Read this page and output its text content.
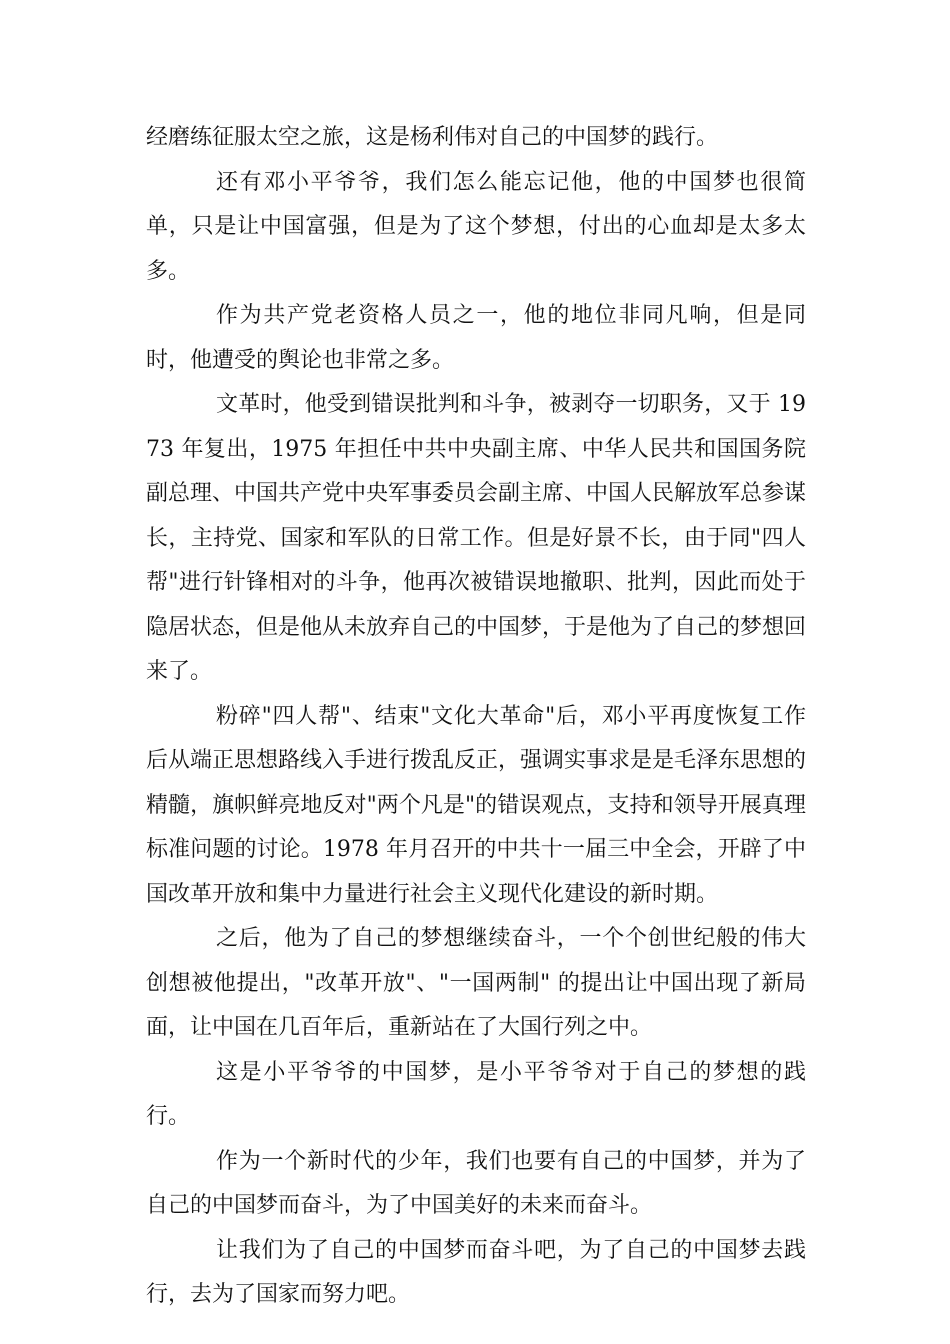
经磨练征服太空之旅，这是杨利伟对自己的中国梦的践行。

还有邓小平爷爷，我们怎么能忘记他，他的中国梦也很简单，只是让中国富强，但是为了这个梦想，付出的心血却是太多太多。

作为共产党老资格人员之一，他的地位非同凡响，但是同时，他遭受的舆论也非常之多。

文革时，他受到错误批判和斗争，被剥夺一切职务，又于 1973 年复出，1975 年担任中共中央副主席、中华人民共和国国务院副总理、中国共产党中央军事委员会副主席、中国人民解放军总参谋长，主持党、国家和军队的日常工作。但是好景不长，由于同"四人帮"进行针锋相对的斗争，他再次被错误地撤职、批判，因此而处于隐居状态，但是他从未放弃自己的中国梦，于是他为了自己的梦想回来了。

粉碎"四人帮"、结束"文化大革命"后，邓小平再度恢复工作后从端正思想路线入手进行拨乱反正，强调实事求是是毛泽东思想的精髓，旗帜鲜亮地反对"两个凡是"的错误观点，支持和领导开展真理标准问题的讨论。1978 年月召开的中共十一届三中全会，开辟了中国改革开放和集中力量进行社会主义现代化建设的新时期。

之后，他为了自己的梦想继续奋斗，一个个创世纪般的伟大创想被他提出，"改革开放"、"一国两制" 的提出让中国出现了新局面，让中国在几百年后，重新站在了大国行列之中。

这是小平爷爷的中国梦，是小平爷爷对于自己的梦想的践行。

作为一个新时代的少年，我们也要有自己的中国梦，并为了自己的中国梦而奋斗，为了中国美好的未来而奋斗。

让我们为了自己的中国梦而奋斗吧，为了自己的中国梦去践行，去为了国家而努力吧。
